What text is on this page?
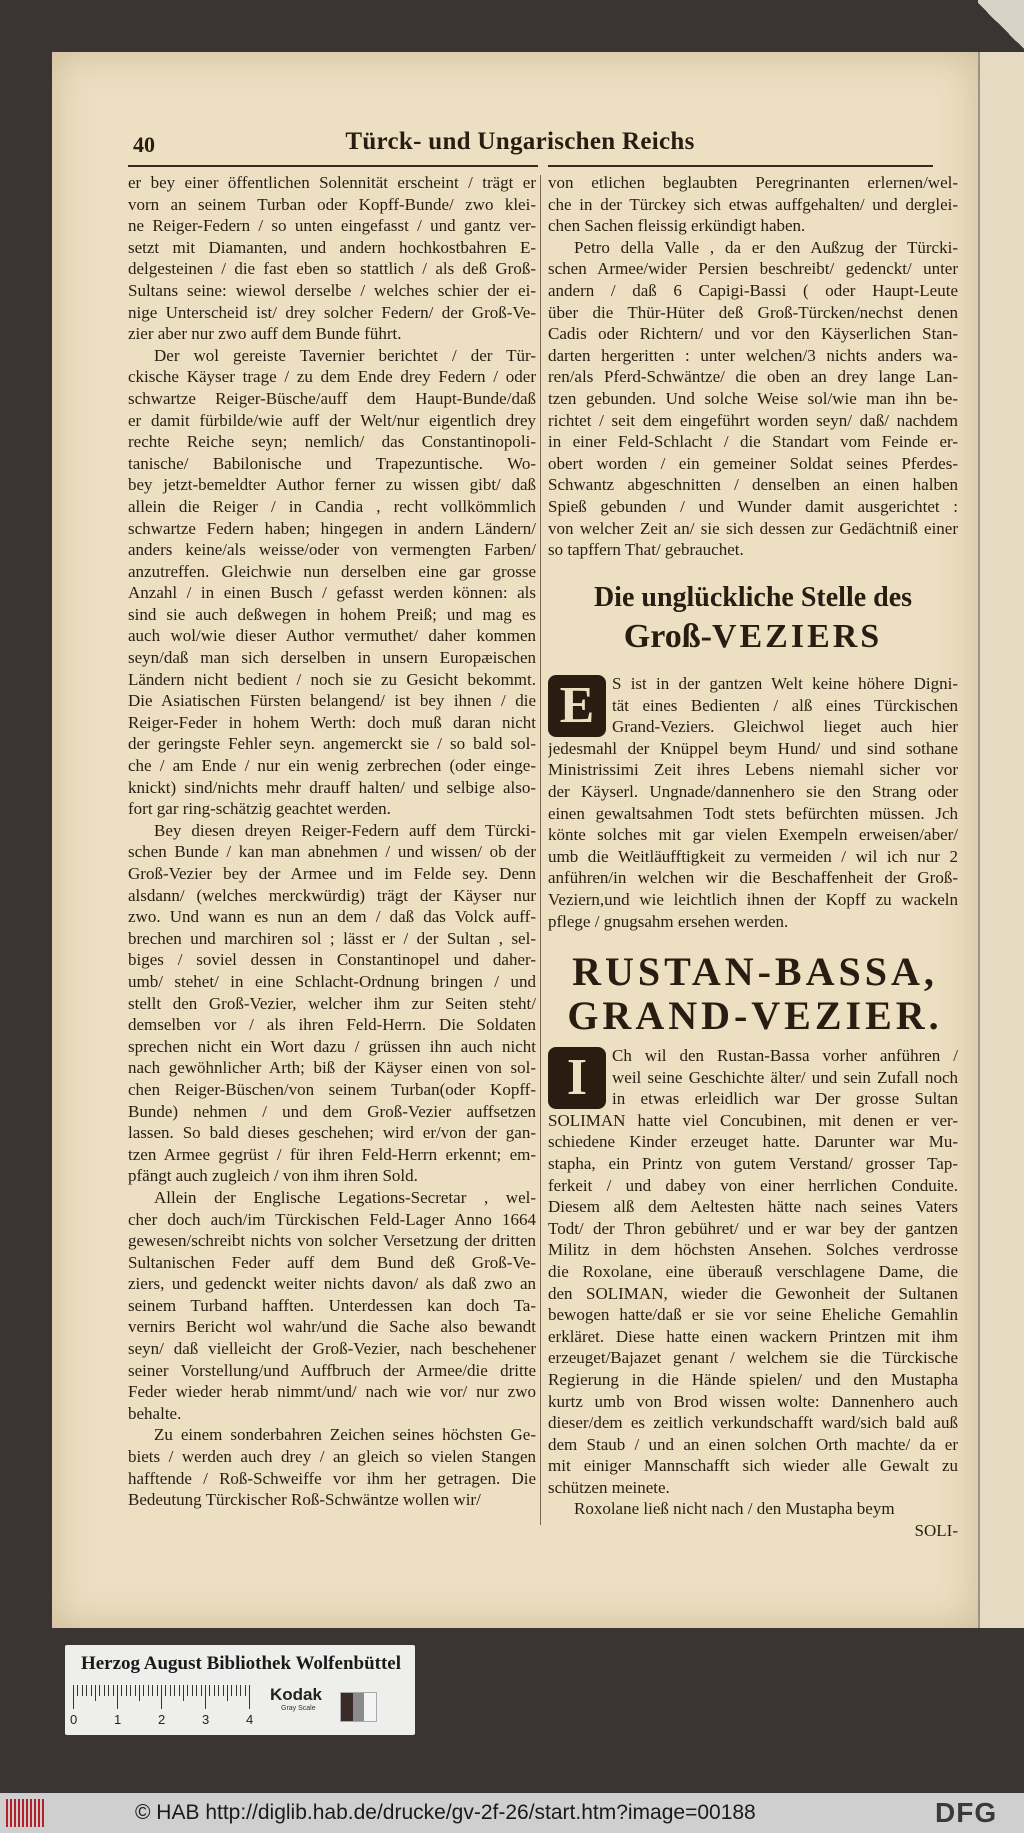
40	Türck- und Ungarischen Reichs
er bey einer öffentlichen Solennität erscheint / trägt er
vorn an seinem Turban oder Kopff-Bunde/ zwo klei-
ne Reiger-Federn / so unten eingefasst / und gantz ver-
setzt mit Diamanten, und andern hochkostbahren E-
delgesteinen / die fast eben so stattlich / als deß Groß-
Sultans seine: wiewol derselbe / welches schier der ei-
nige Unterscheid ist/ drey solcher Federn/ der Groß-Ve-
zier aber nur zwo auff dem Bunde führt.
Der wol gereiste Tavernier berichtet / der Tür-
ckische Käyser trage / zu dem Ende drey Federn / oder
schwartze Reiger-Büsche/auff dem Haupt-Bunde/daß
er damit fürbilde/wie auff der Welt/nur eigentlich drey
rechte Reiche seyn; nemlich/ das Constantinopoli-
tanische/ Babilonische und Trapezuntische. Wo-
bey jetzt-bemeldter Author ferner zu wissen gibt/ daß
allein die Reiger / in Candia , recht vollkömmlich
schwartze Federn haben; hingegen in andern Ländern/
anders keine/als weisse/oder von vermengten Farben/
anzutreffen. Gleichwie nun derselben eine gar grosse
Anzahl / in einen Busch / gefasst werden können: als
sind sie auch deßwegen in hohem Preiß; und mag es
auch wol/wie dieser Author vermuthet/ daher kommen
seyn/daß man sich derselben in unsern Europæischen
Ländern nicht bedient / noch sie zu Gesicht bekommt.
Die Asiatischen Fürsten belangend/ ist bey ihnen / die
Reiger-Feder in hohem Werth: doch muß daran nicht
der geringste Fehler seyn. angemerckt sie / so bald sol-
che / am Ende / nur ein wenig zerbrechen (oder einge-
knickt) sind/nichts mehr drauff halten/ und selbige also-
fort gar ring-schätzig geachtet werden.
Bey diesen dreyen Reiger-Federn auff dem Türcki-
schen Bunde / kan man abnehmen / und wissen/ ob der
Groß-Vezier bey der Armee und im Felde sey. Denn
alsdann/ (welches merckwürdig) trägt der Käyser nur
zwo. Und wann es nun an dem / daß das Volck auff-
brechen und marchiren sol ; lässt er / der Sultan , sel-
biges / soviel dessen in Constantinopel und daher-
umb/ stehet/ in eine Schlacht-Ordnung bringen / und
stellt den Groß-Vezier, welcher ihm zur Seiten steht/
demselben vor / als ihren Feld-Herrn. Die Soldaten
sprechen nicht ein Wort dazu / grüssen ihn auch nicht
nach gewöhnlicher Arth; biß der Käyser einen von sol-
chen Reiger-Büschen/von seinem Turban(oder Kopff-
Bunde) nehmen / und dem Groß-Vezier auffsetzen
lassen. So bald dieses geschehen; wird er/von der gan-
tzen Armee gegrüst / für ihren Feld-Herrn erkennt; em-
pfängt auch zugleich / von ihm ihren Sold.
Allein der Englische Legations-Secretar , wel-
cher doch auch/im Türckischen Feld-Lager Anno 1664
gewesen/schreibt nichts von solcher Versetzung der dritten
Sultanischen Feder auff dem Bund deß Groß-Ve-
ziers, und gedenckt weiter nichts davon/ als daß zwo an
seinem Turband hafften. Unterdessen kan doch Ta-
vernirs Bericht wol wahr/und die Sache also bewandt
seyn/ daß vielleicht der Groß-Vezier, nach beschehener
seiner Vorstellung/und Auffbruch der Armee/die dritte
Feder wieder herab nimmt/und/ nach wie vor/ nur zwo
behalte.
Zu einem sonderbahren Zeichen seines höchsten Ge-
biets / werden auch drey / an gleich so vielen Stangen
hafftende / Roß-Schweiffe vor ihm her getragen. Die
Bedeutung Türckischer Roß-Schwäntze wollen wir/
von etlichen beglaubten Peregrinanten erlernen/wel-
che in der Türckey sich etwas auffgehalten/ und derglei-
chen Sachen fleissig erkündigt haben.
Petro della Valle , da er den Außzug der Türcki-
schen Armee/wider Persien beschreibt/ gedenckt/ unter
andern / daß 6 Capigi-Bassi ( oder Haupt-Leute
über die Thür-Hüter deß Groß-Türcken/nechst denen
Cadis oder Richtern/ und vor den Käyserlichen Stan-
darten hergeritten : unter welchen/3 nichts anders wa-
ren/als Pferd-Schwäntze/ die oben an drey lange Lan-
tzen gebunden. Und solche Weise sol/wie man ihn be-
richtet / seit dem eingeführt worden seyn/ daß/ nachdem
in einer Feld-Schlacht / die Standart vom Feinde er-
obert worden / ein gemeiner Soldat seines Pferdes-
Schwantz abgeschnitten / denselben an einen halben
Spieß gebunden / und Wunder damit ausgerichtet :
von welcher Zeit an/ sie sich dessen zur Gedächtniß einer
so tapffern That/ gebrauchet.
Die unglückliche Stelle des
Groß-VEZIERS
E	S ist in der gantzen Welt keine höhere Digni-
tät eines Bedienten / alß eines Türckischen
Grand-Veziers. Gleichwol lieget auch hier
jedesmahl der Knüppel beym Hund/ und sind sothane
Ministrissimi Zeit ihres Lebens niemahl sicher vor
der Käyserl. Ungnade/dannenhero sie den Strang oder
einen gewaltsahmen Todt stets befürchten müssen. Jch
könte solches mit gar vielen Exempeln erweisen/aber/
umb die Weitläufftigkeit zu vermeiden / wil ich nur 2
anführen/in welchen wir die Beschaffenheit der Groß-
Veziern,und wie leichtlich ihnen der Kopff zu wackeln
pflege / gnugsahm ersehen werden.
RUSTAN-BASSA,
GRAND-VEZIER.
I	Ch wil den Rustan-Bassa vorher anführen /
weil seine Geschichte älter/ und sein Zufall noch
in etwas erleidlich war Der grosse Sultan
SOLIMAN hatte viel Concubinen, mit denen er ver-
schiedene Kinder erzeuget hatte. Darunter war Mu-
stapha, ein Printz von gutem Verstand/ grosser Tap-
ferkeit / und dabey von einer herrlichen Conduite.
Diesem alß dem Aeltesten hätte nach seines Vaters
Todt/ der Thron gebühret/ und er war bey der gantzen
Militz in dem höchsten Ansehen. Solches verdrosse
die Roxolane, eine überauß verschlagene Dame, die
den SOLIMAN, wieder die Gewonheit der Sultanen
bewogen hatte/daß er sie vor seine Eheliche Gemahlin
erkläret. Diese hatte einen wackern Printzen mit ihm
erzeuget/Bajazet genant / welchem sie die Türckische
Regierung in die Hände spielen/ und den Mustapha
kurtz umb von Brod wissen wolte: Dannenhero auch
dieser/dem es zeitlich verkundschafft ward/sich bald auß
dem Staub / und an einen solchen Orth machte/ da er
mit einiger Mannschafft sich wieder alle Gewalt zu
schützen meinete.
Roxolane ließ nicht nach / den Mustapha beym
SOLI-
Herzog August Bibliothek Wolfenbüttel
0	1	2	3	4
Kodak
Gray Scale
© HAB http://diglib.hab.de/drucke/gv-2f-26/start.htm?image=00188	DFG
